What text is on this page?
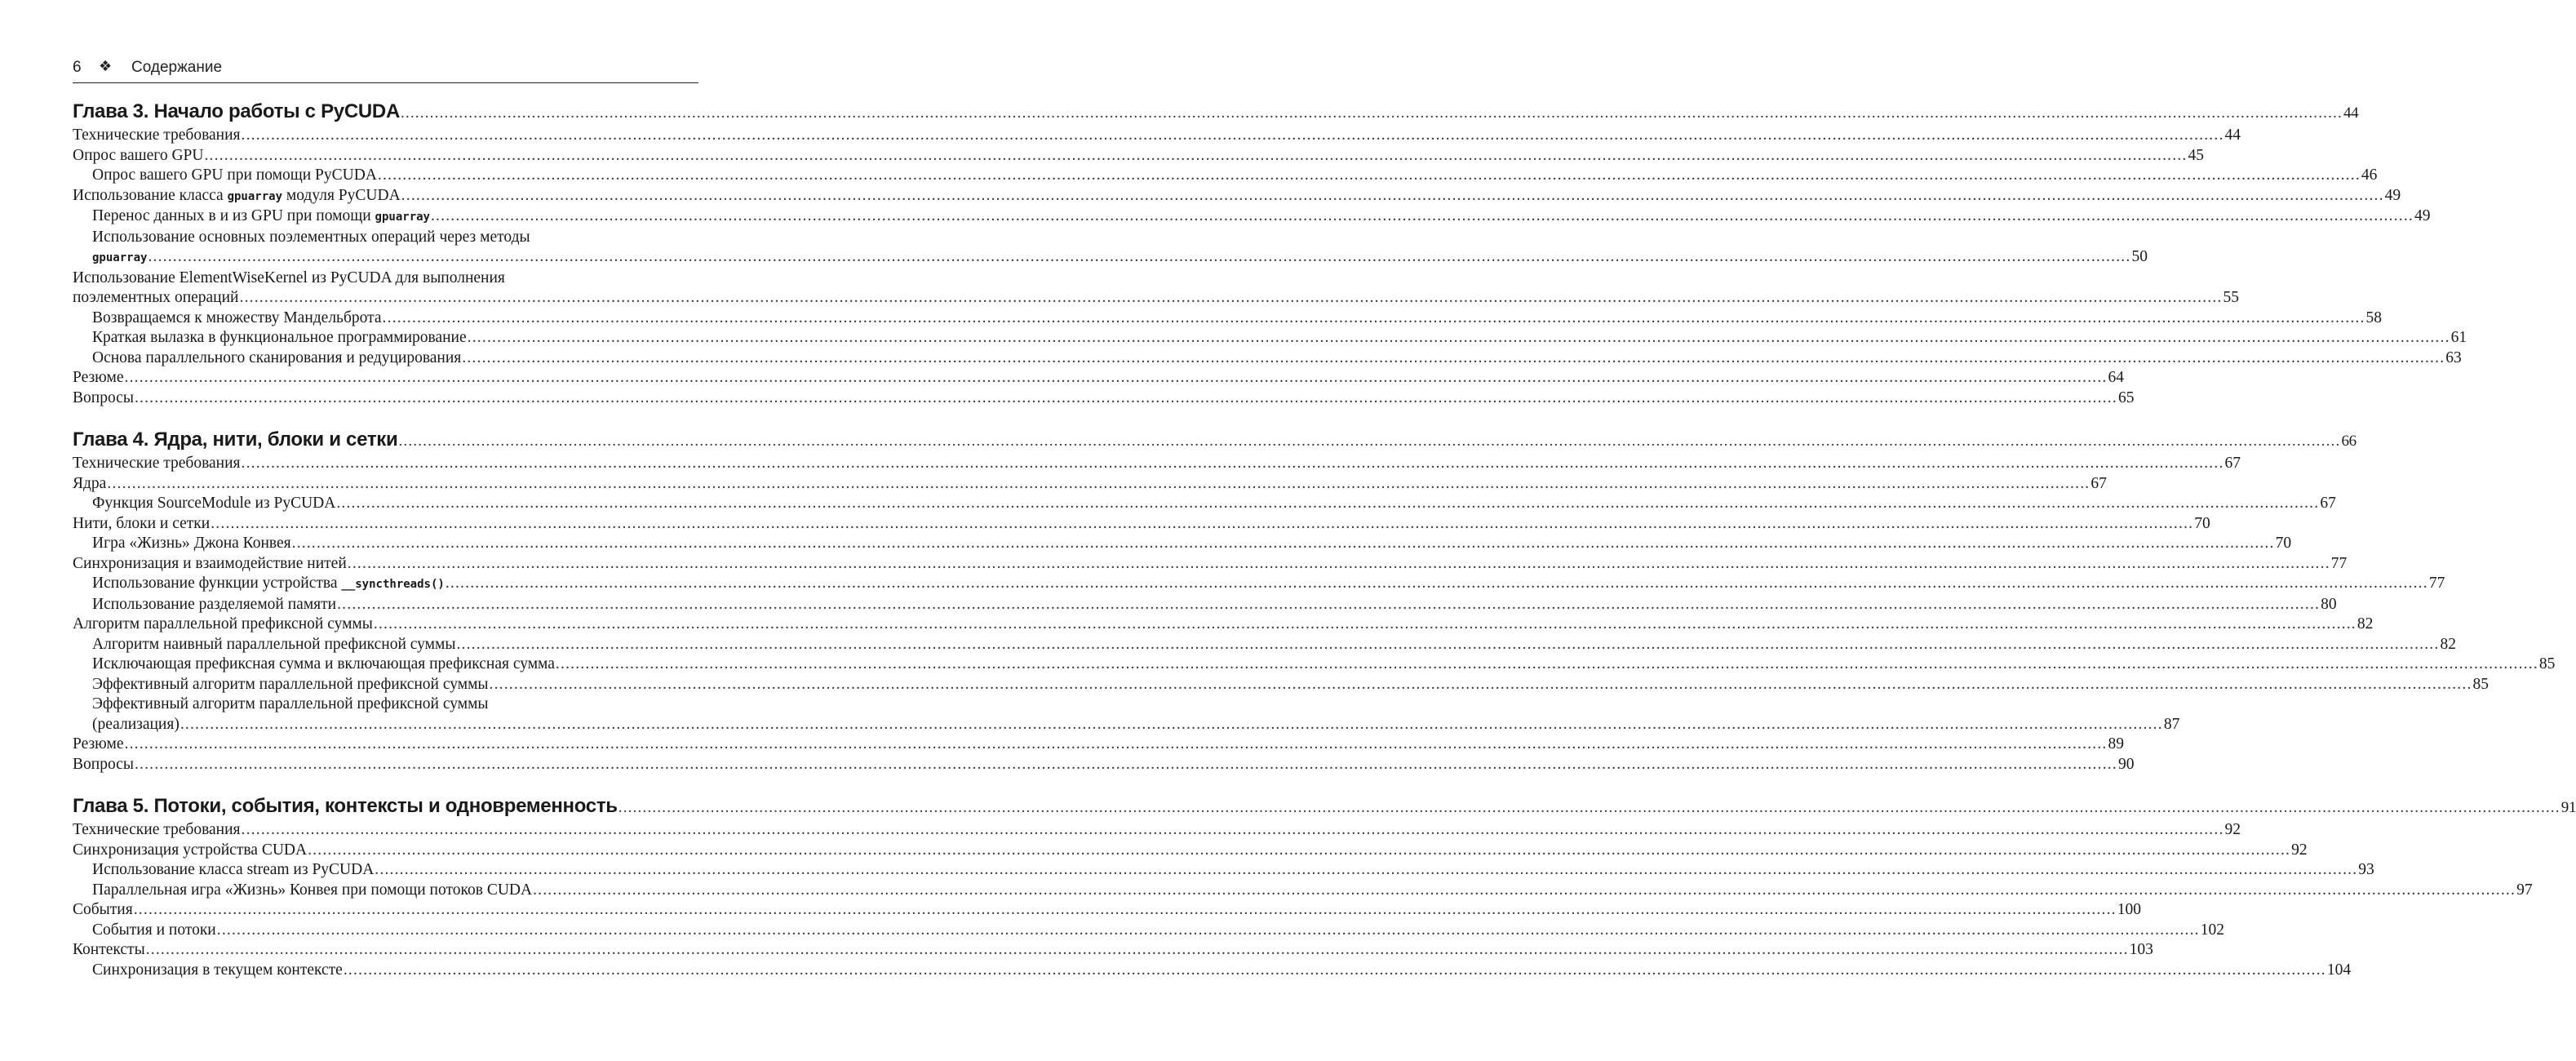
6 ❖ Содержание
Глава 3. Начало работы с PyCUDA ................................................................................................................................................................................................................................................................................................................................................................................................................ 44
Технические требования ................................................................................................................................................................................................................................................................................................................................................................................................................ 44
Опрос вашего GPU ................................................................................................................................................................................................................................................................................................................................................................................................................ 45
Опрос вашего GPU при помощи PyCUDA ................................................................................................................................................................................................................................................................................................................................................................................................................ 46
Использование класса gpuarray модуля PyCUDA ................................................................................................................................................................................................................................................................................................................................................................................................................ 49
Перенос данных в и из GPU при помощи gpuarray ................................................................................................................................................................................................................................................................................................................................................................................................................ 49
Использование основных поэлементных операций через методы
gpuarray ................................................................................................................................................................................................................................................................................................................................................................................................................ 50
Использование ElementWiseKernel из PyCUDA для выполнения
поэлементных операций ................................................................................................................................................................................................................................................................................................................................................................................................................ 55
Возвращаемся к множеству Мандельброта ................................................................................................................................................................................................................................................................................................................................................................................................................ 58
Краткая вылазка в функциональное программирование ................................................................................................................................................................................................................................................................................................................................................................................................................ 61
Основа параллельного сканирования и редуцирования ................................................................................................................................................................................................................................................................................................................................................................................................................ 63
Резюме ................................................................................................................................................................................................................................................................................................................................................................................................................ 64
Вопросы ................................................................................................................................................................................................................................................................................................................................................................................................................ 65
Глава 4. Ядра, нити, блоки и сетки ................................................................................................................................................................................................................................................................................................................................................................................................................ 66
Технические требования ................................................................................................................................................................................................................................................................................................................................................................................................................ 67
Ядра ................................................................................................................................................................................................................................................................................................................................................................................................................ 67
Функция SourceModule из PyCUDA ................................................................................................................................................................................................................................................................................................................................................................................................................ 67
Нити, блоки и сетки ................................................................................................................................................................................................................................................................................................................................................................................................................ 70
Игра «Жизнь» Джона Конвея ................................................................................................................................................................................................................................................................................................................................................................................................................ 70
Синхронизация и взаимодействие нитей ................................................................................................................................................................................................................................................................................................................................................................................................................ 77
Использование функции устройства __syncthreads() ................................................................................................................................................................................................................................................................................................................................................................................................................ 77
Использование разделяемой памяти ................................................................................................................................................................................................................................................................................................................................................................................................................ 80
Алгоритм параллельной префиксной суммы ................................................................................................................................................................................................................................................................................................................................................................................................................ 82
Алгоритм наивный параллельной префиксной суммы ................................................................................................................................................................................................................................................................................................................................................................................................................ 82
Исключающая префиксная сумма и включающая префиксная сумма ................................................................................................................................................................................................................................................................................................................................................................................................................ 85
Эффективный алгоритм параллельной префиксной суммы ................................................................................................................................................................................................................................................................................................................................................................................................................ 85
Эффективный алгоритм параллельной префиксной суммы
(реализация) ................................................................................................................................................................................................................................................................................................................................................................................................................ 87
Резюме ................................................................................................................................................................................................................................................................................................................................................................................................................ 89
Вопросы ................................................................................................................................................................................................................................................................................................................................................................................................................ 90
Глава 5. Потоки, события, контексты и одновременность ................................................................................................................................................................................................................................................................................................................................................................................................................ 91
Технические требования ................................................................................................................................................................................................................................................................................................................................................................................................................ 92
Синхронизация устройства CUDA ................................................................................................................................................................................................................................................................................................................................................................................................................ 92
Использование класса stream из PyCUDA ................................................................................................................................................................................................................................................................................................................................................................................................................ 93
Параллельная игра «Жизнь» Конвея при помощи потоков CUDA ................................................................................................................................................................................................................................................................................................................................................................................................................ 97
События ................................................................................................................................................................................................................................................................................................................................................................................................................ 100
События и потоки ................................................................................................................................................................................................................................................................................................................................................................................................................ 102
Контексты ................................................................................................................................................................................................................................................................................................................................................................................................................ 103
Синхронизация в текущем контексте ................................................................................................................................................................................................................................................................................................................................................................................................................ 104
